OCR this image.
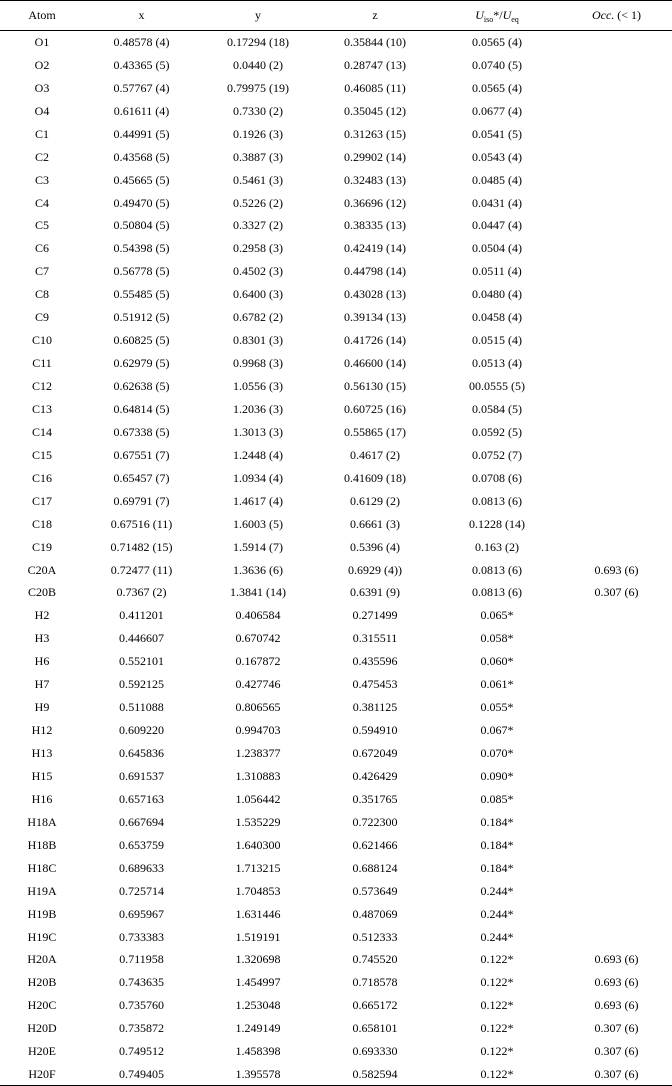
Atom	x	y	z	$U_{iso}*/U_{eq}$	Occ. (< 1)
O1	0.48578 (4)	0.17294 (18)	0.35844 (10)	0.0565 (4)	
O2	0.43365 (5)	0.0440 (2)	0.28747 (13)	0.0740 (5)	
O3	0.57767 (4)	0.79975 (19)	0.46085 (11)	0.0565 (4)	
O4	0.61611 (4)	0.7330 (2)	0.35045 (12)	0.0677 (4)	
C1	0.44991 (5)	0.1926 (3)	0.31263 (15)	0.0541 (5)	
C2	0.43568 (5)	0.3887 (3)	0.29902 (14)	0.0543 (4)	
C3	0.45665 (5)	0.5461 (3)	0.32483 (13)	0.0485 (4)	
C4	0.49470 (5)	0.5226 (2)	0.36696 (12)	0.0431 (4)	
C5	0.50804 (5)	0.3327 (2)	0.38335 (13)	0.0447 (4)	
C6	0.54398 (5)	0.2958 (3)	0.42419 (14)	0.0504 (4)	
C7	0.56778 (5)	0.4502 (3)	0.44798 (14)	0.0511 (4)	
C8	0.55485 (5)	0.6400 (3)	0.43028 (13)	0.0480 (4)	
C9	0.51912 (5)	0.6782 (2)	0.39134 (13)	0.0458 (4)	
C10	0.60825 (5)	0.8301 (3)	0.41726 (14)	0.0515 (4)	
C11	0.62979 (5)	0.9968 (3)	0.46600 (14)	0.0513 (4)	
C12	0.62638 (5)	1.0556 (3)	0.56130 (15)	00.0555 (5)	
C13	0.64814 (5)	1.2036 (3)	0.60725 (16)	0.0584 (5)	
C14	0.67338 (5)	1.3013 (3)	0.55865 (17)	0.0592 (5)	
C15	0.67551 (7)	1.2448 (4)	0.4617 (2)	0.0752 (7)	
C16	0.65457 (7)	1.0934 (4)	0.41609 (18)	0.0708 (6)	
C17	0.69791 (7)	1.4617 (4)	0.6129 (2)	0.0813 (6)	
C18	0.67516 (11)	1.6003 (5)	0.6661 (3)	0.1228 (14)	
C19	0.71482 (15)	1.5914 (7)	0.5396 (4)	0.163 (2)	
C20A	0.72477 (11)	1.3636 (6)	0.6929 (4))	0.0813 (6)	0.693 (6)
C20B	0.7367 (2)	1.3841 (14)	0.6391 (9)	0.0813 (6)	0.307 (6)
H2	0.411201	0.406584	0.271499	0.065*	
H3	0.446607	0.670742	0.315511	0.058*	
H6	0.552101	0.167872	0.435596	0.060*	
H7	0.592125	0.427746	0.475453	0.061*	
H9	0.511088	0.806565	0.381125	0.055*	
H12	0.609220	0.994703	0.594910	0.067*	
H13	0.645836	1.238377	0.672049	0.070*	
H15	0.691537	1.310883	0.426429	0.090*	
H16	0.657163	1.056442	0.351765	0.085*	
H18A	0.667694	1.535229	0.722300	0.184*	
H18B	0.653759	1.640300	0.621466	0.184*	
H18C	0.689633	1.713215	0.688124	0.184*	
H19A	0.725714	1.704853	0.573649	0.244*	
H19B	0.695967	1.631446	0.487069	0.244*	
H19C	0.733383	1.519191	0.512333	0.244*	
H20A	0.711958	1.320698	0.745520	0.122*	0.693 (6)
H20B	0.743635	1.454997	0.718578	0.122*	0.693 (6)
H20C	0.735760	1.253048	0.665172	0.122*	0.693 (6)
H20D	0.735872	1.249149	0.658101	0.122*	0.307 (6)
H20E	0.749512	1.458398	0.693330	0.122*	0.307 (6)
H20F	0.749405	1.395578	0.582594	0.122*	0.307 (6)
